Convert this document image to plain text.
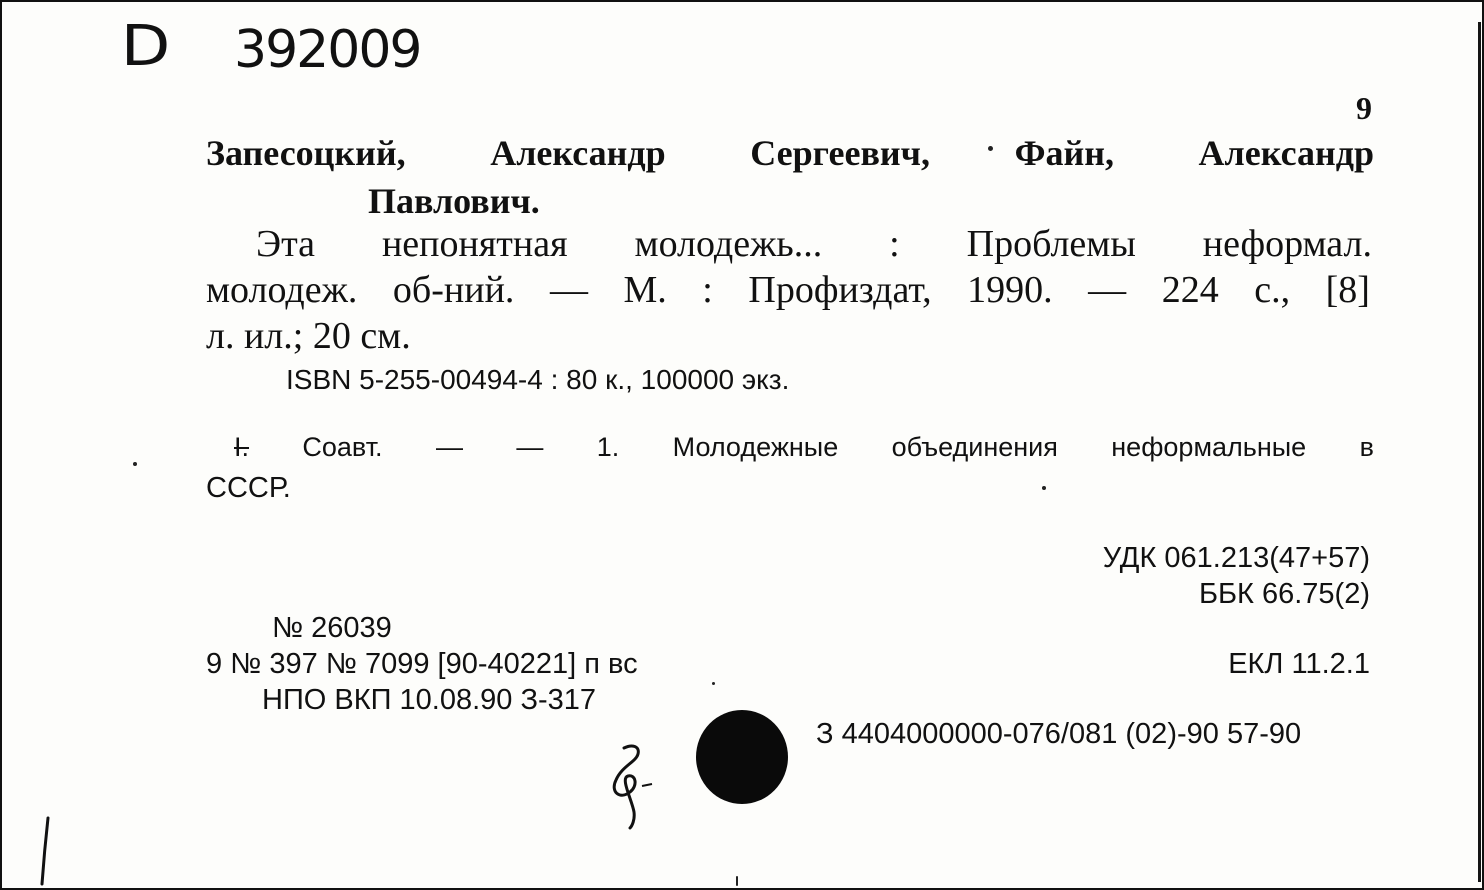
D 392009
9
Запесоцкий, Александр Сергеевич, Файн, Александр
Павлович.
Эта непонятная молодежь... : Проблемы неформал.
молодеж. об-ний. — М. : Профиздат, 1990. — 224 с., [8]
л. ил.; 20 см.
ISBN 5-255-00494-4 : 80 к., 100000 экз.
I. Соавт. — — 1. Молодежные объединения неформальные в
СССР.
УДК 061.213(47+57)
ББК 66.75(2)
№ 26039
9 № 397 № 7099 [90-40221] п вс
НПО ВКП 10.08.90 З-317
ЕКЛ 11.2.1
З 4404000000-076/081 (02)-90 57-90
